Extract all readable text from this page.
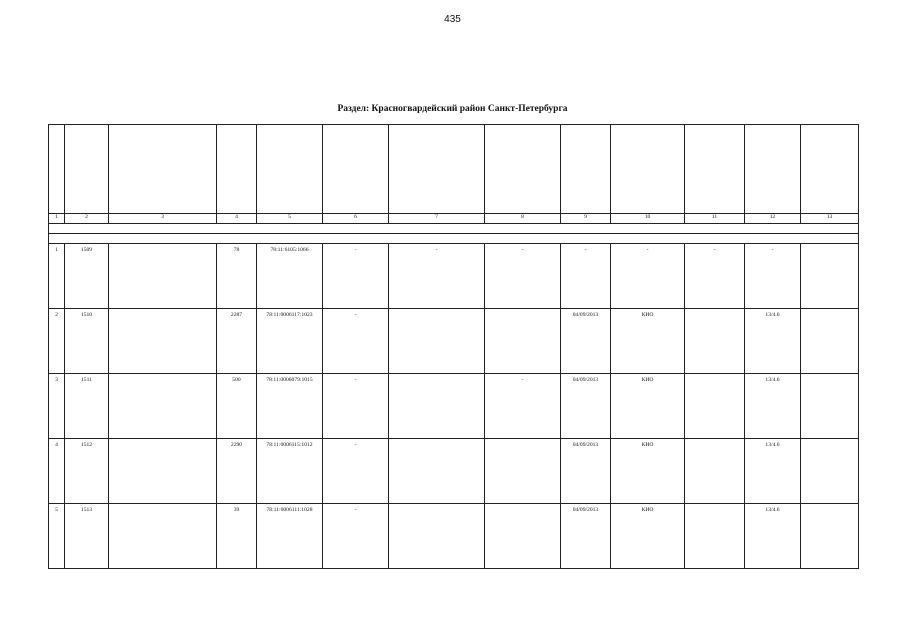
435
Раздел: Красногвардейский район Санкт-Петербурга

1	2	3	4	5	6	7	8	9	10	11	12	13

1	1509		78	78:11:6105:1066	-	-	-	-	-	-	-	
2	1510		2287	78:11:0006117:1023	-			04/09/2013	КИО		13/4.6	
3	1511		500	78:11:0006079:1015	-		-	04/09/2013	КИО		13/4.6	
4	1512		2290	78:11:0006115:1012	-			04/09/2013	КИО		13/4.6	
5	1513		39	78:11:0006111:1028	-			04/09/2013	КИО		13/4.6	
